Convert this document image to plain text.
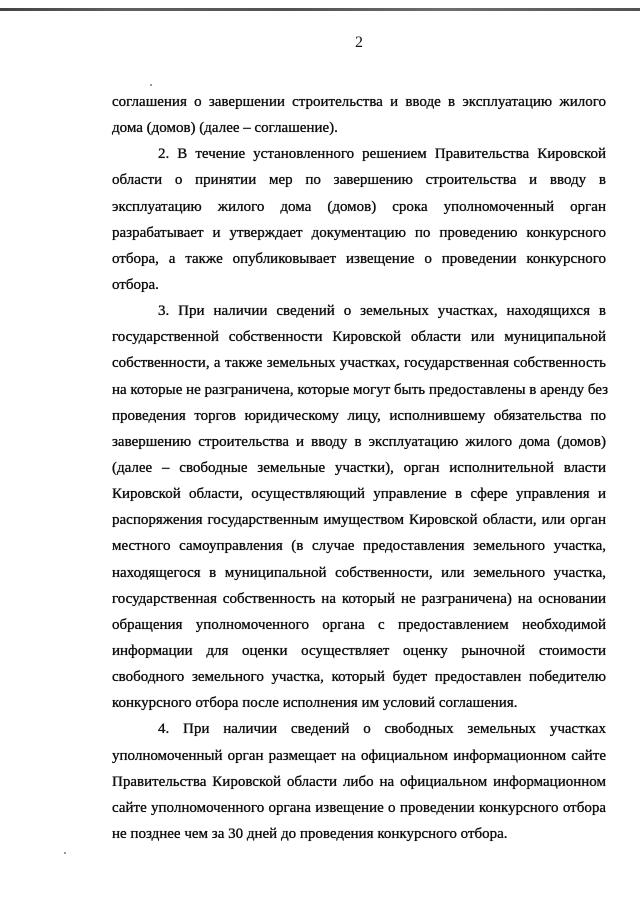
2
соглашения о завершении строительства и вводе в эксплуатацию жилого
дома (домов) (далее – соглашение).
2. В течение установленного решением Правительства Кировской
области о принятии мер по завершению строительства и вводу в
эксплуатацию жилого дома (домов) срока уполномоченный орган
разрабатывает и утверждает документацию по проведению конкурсного
отбора, а также опубликовывает извещение о проведении конкурсного
отбора.
3. При наличии сведений о земельных участках, находящихся в
государственной собственности Кировской области или муниципальной
собственности, а также земельных участках, государственная собственность
на которые не разграничена, которые могут быть предоставлены в аренду без
проведения торгов юридическому лицу, исполнившему обязательства по
завершению строительства и вводу в эксплуатацию жилого дома (домов)
(далее – свободные земельные участки), орган исполнительной власти
Кировской области, осуществляющий управление в сфере управления и
распоряжения государственным имуществом Кировской области, или орган
местного самоуправления (в случае предоставления земельного участка,
находящегося в муниципальной собственности, или земельного участка,
государственная собственность на который не разграничена) на основании
обращения уполномоченного органа с предоставлением необходимой
информации для оценки осуществляет оценку рыночной стоимости
свободного земельного участка, который будет предоставлен победителю
конкурсного отбора после исполнения им условий соглашения.
4. При наличии сведений о свободных земельных участках
уполномоченный орган размещает на официальном информационном сайте
Правительства Кировской области либо на официальном информационном
сайте уполномоченного органа извещение о проведении конкурсного отбора
не позднее чем за 30 дней до проведения конкурсного отбора.
